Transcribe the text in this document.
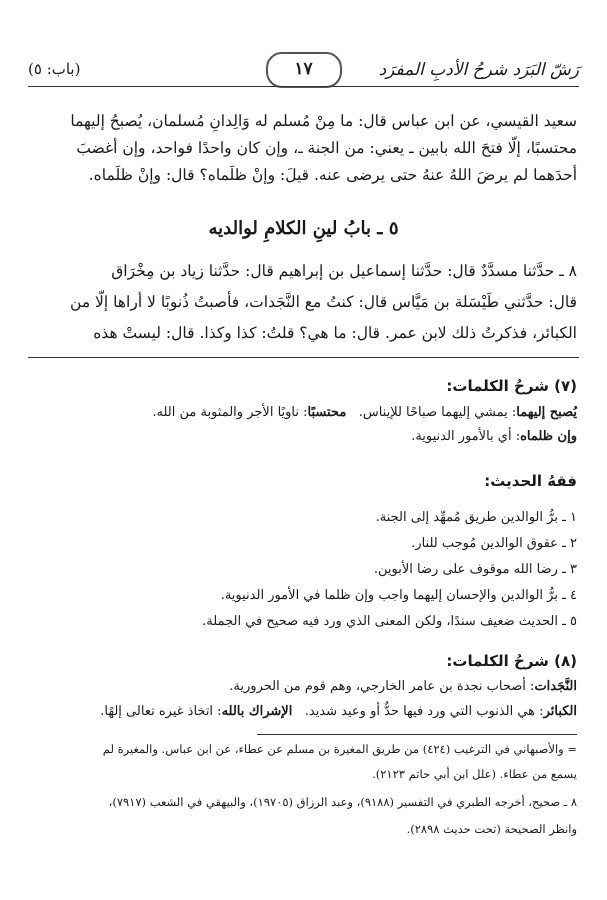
رَشّ البَرَد شرحُ الأدبِ المفرَد
١٧
(باب: ٥)
سعيد القيسي، عن ابن عباس قال: ما مِنْ مُسلم له وَالِدانِ مُسلمان، يُصبحُ إليهما
محتسبًا، إلّا فتحَ الله بابين ـ يعني: من الجنة ـ، وإن كان واحدًا فواحد، وإن أغضبَ
أحدَهما لم يرضَ اللهُ عنهُ حتى يرضى عنه. قيلَ: وإنْ ظلَماه؟ قال: وإنْ ظلَماه.
٥ ـ بابُ لينِ الكلامِ لوالديه
٨ ـ حدَّثنا مسدَّدٌ قال: حدَّثنا إسماعيل بن إبراهيم قال: حدَّثنا زياد بن مِخْرَاق
قال: حدَّثني طَيْسَلة بن مَيَّاس قال: كنتُ مع النَّجَدات، فأصبتُ ذُنوبًا لا أراها إلّا من
الكبائر، فذكرتُ ذلك لابن عمر. قال: ما هي؟ قلتُ: كذا وكذا. قال: ليستْ هذه
(٧) شرحُ الكلمات:
يُصبح إليهما: يمشي إليهما صباحًا للإيناس.   محتسبًا: ناويًا الأجر والمثوبة من الله.
وإن ظلماه: أي بالأمور الدنيوية.
فقهُ الحديث:
١ ـ برُّ الوالدين طريق مُمهِّد إلى الجنة.
٢ ـ عقوق الوالدين مُوجب للنار.
٣ ـ رضا الله موقوف على رضا الأبوين.
٤ ـ برُّ الوالدين والإحسان إليهما واجب وإن ظلما في الأمور الدنيوية.
٥ ـ الحديث ضعيف سندًا، ولكن المعنى الذي ورد فيه صحيح في الجملة.
(٨) شرحُ الكلمات:
النَّجَدات: أصحاب نجدة بن عامر الخارجي، وهم قوم من الحرورية.
الكبائر: هي الذنوب التي ورد فيها حدٌّ أو وعيد شديد.   الإشراك بالله: اتخاذ غيره تعالى إلهًا.
= والأصبهاني في الترغيب (٤٢٤) من طريق المغيرة بن مسلم عن عطاء، عن ابن عباس. والمغيرة لم
يسمع من عطاء. (علل ابن أبي حاتم ٢١٢٣).
٨ ـ صحيح، أخرجه الطبري في التفسير (٩١٨٨)، وعبد الرزاق (١٩٧٠٥)، والبيهقي في الشعب (٧٩١٧)،
وانظر الصحيحة (تحت حديث ٢٨٩٨).
